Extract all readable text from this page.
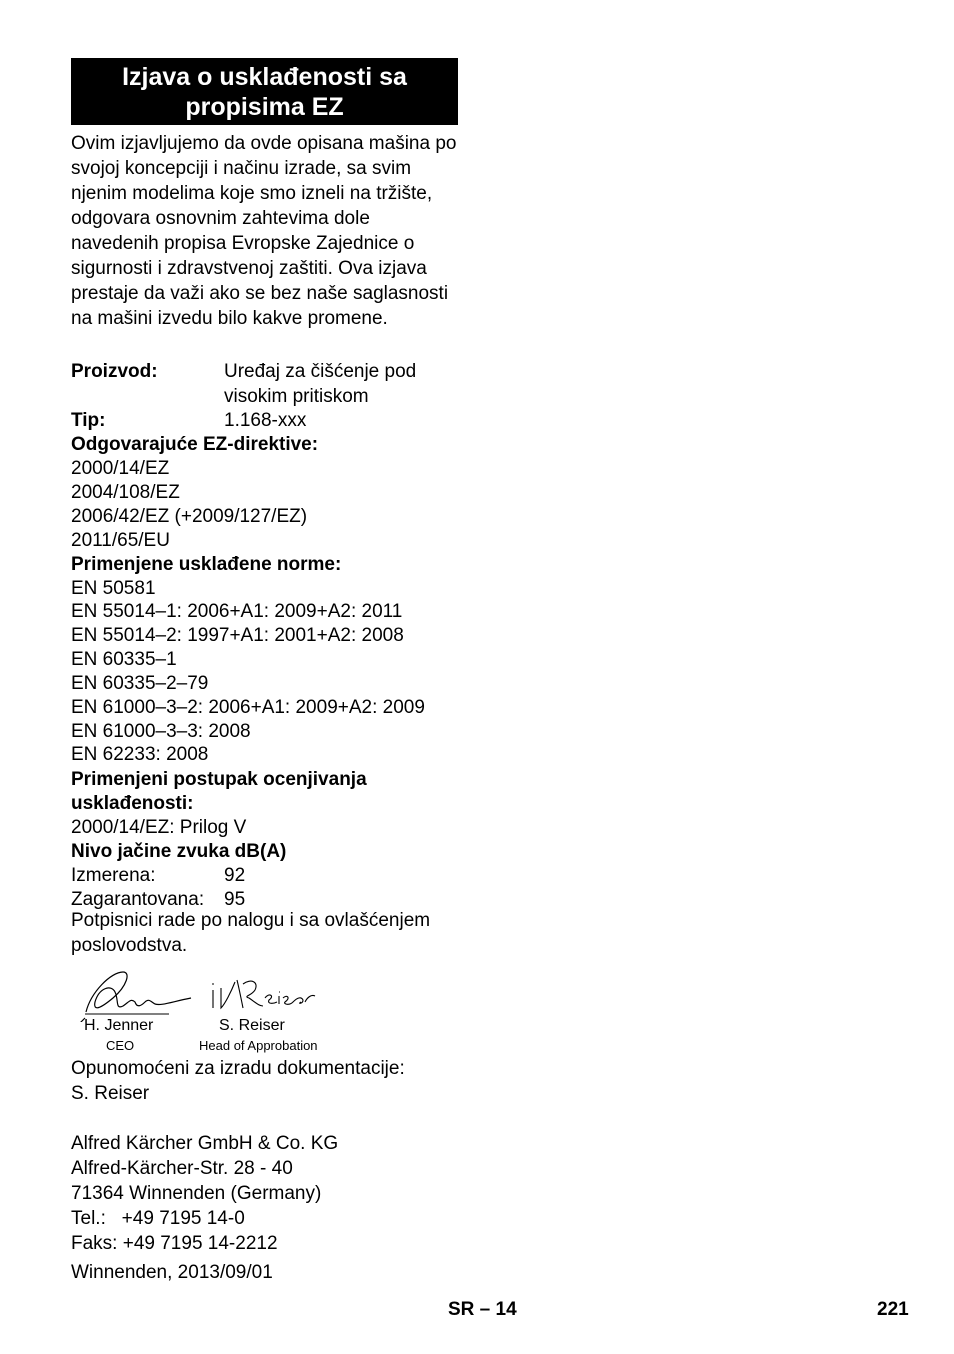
Izjava o usklađenosti sa propisima EZ
Ovim izjavljujemo da ovde opisana mašina po svojoj koncepciji i načinu izrade, sa svim njenim modelima koje smo izneli na tržište, odgovara osnovnim zahtevima dole navedenih propisa Evropske Zajednice o sigurnosti i zdravstvenoj zaštiti. Ova izjava prestaje da važi ako se bez naše saglasnosti na mašini izvedu bilo kakve promene.
Proizvod:	Uređaj za čišćenje pod
visokim pritiskom
Tip:	1.168-xxx
Odgovarajuće EZ-direktive:
2000/14/EZ
2004/108/EZ
2006/42/EZ (+2009/127/EZ)
2011/65/EU
Primenjene usklađene norme:
EN 50581
EN 55014–1: 2006+A1: 2009+A2: 2011
EN 55014–2: 1997+A1: 2001+A2: 2008
EN 60335–1
EN 60335–2–79
EN 61000–3–2: 2006+A1: 2009+A2: 2009
EN 61000–3–3: 2008
EN 62233: 2008
Primenjeni postupak ocenjivanja
usklađenosti:
2000/14/EZ: Prilog V
Nivo jačine zvuka dB(A)
Izmerena:	92
Zagarantovana: 95
Potpisnici rade po nalogu i sa ovlašćenjem poslovodstva.
H. Jenner
CEO
S. Reiser
Head of Approbation
Opunomoćeni za izradu dokumentacije:
S. Reiser
Alfred Kärcher GmbH & Co. KG
Alfred-Kärcher-Str. 28 - 40
71364 Winnenden (Germany)
Tel.:   +49 7195 14-0
Faks: +49 7195 14-2212
Winnenden, 2013/09/01
SR – 14	221
